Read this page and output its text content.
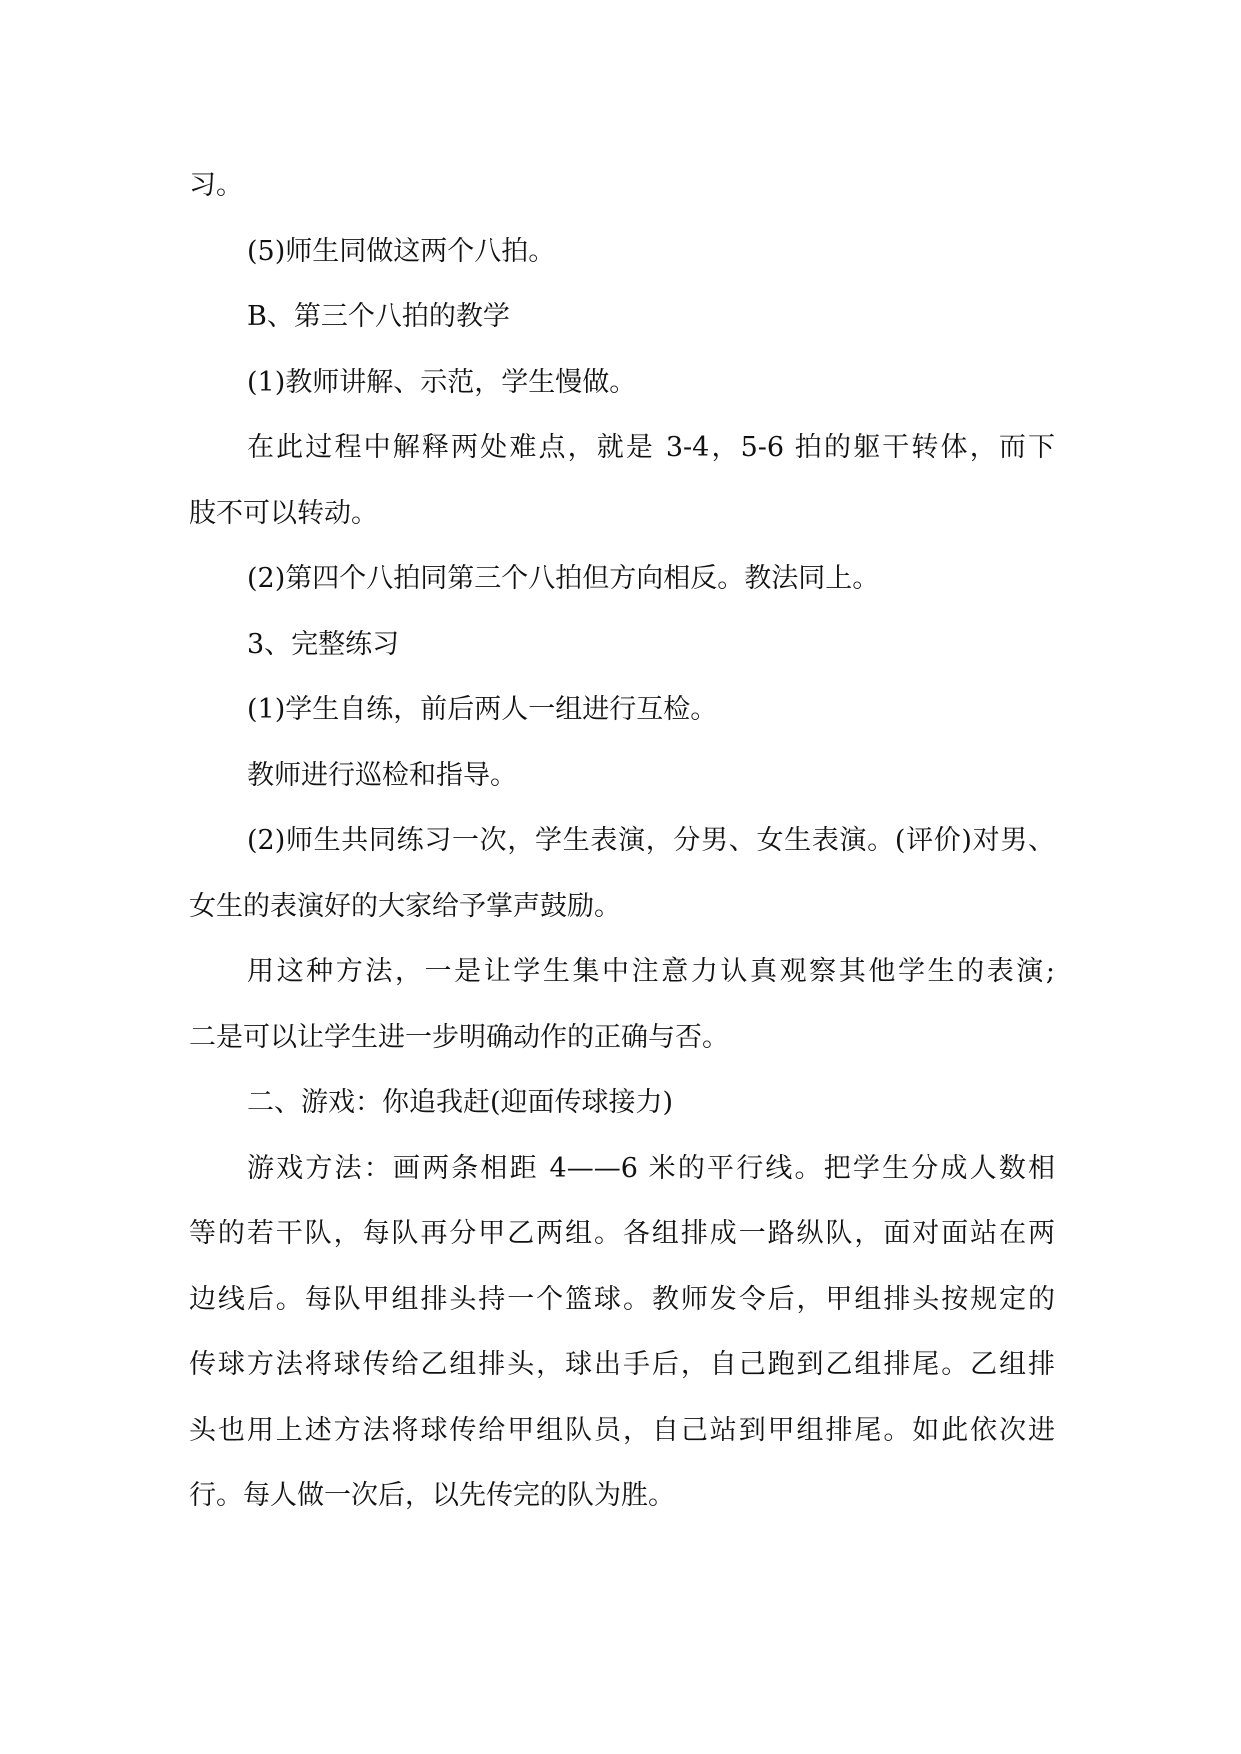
习。

(5)师生同做这两个八拍。

B、第三个八拍的教学

(1)教师讲解、示范，学生慢做。

在此过程中解释两处难点，就是 3-4，5-6 拍的躯干转体，而下

肢不可以转动。

(2)第四个八拍同第三个八拍但方向相反。教法同上。

3、完整练习

(1)学生自练，前后两人一组进行互检。

教师进行巡检和指导。

(2)师生共同练习一次，学生表演，分男、女生表演。(评价)对男、

女生的表演好的大家给予掌声鼓励。

用这种方法，一是让学生集中注意力认真观察其他学生的表演;

二是可以让学生进一步明确动作的正确与否。

二、游戏：你追我赶(迎面传球接力)

游戏方法：画两条相距 4——6 米的平行线。把学生分成人数相

等的若干队，每队再分甲乙两组。各组排成一路纵队，面对面站在两

边线后。每队甲组排头持一个篮球。教师发令后，甲组排头按规定的

传球方法将球传给乙组排头，球出手后，自己跑到乙组排尾。乙组排

头也用上述方法将球传给甲组队员，自己站到甲组排尾。如此依次进

行。每人做一次后，以先传完的队为胜。
